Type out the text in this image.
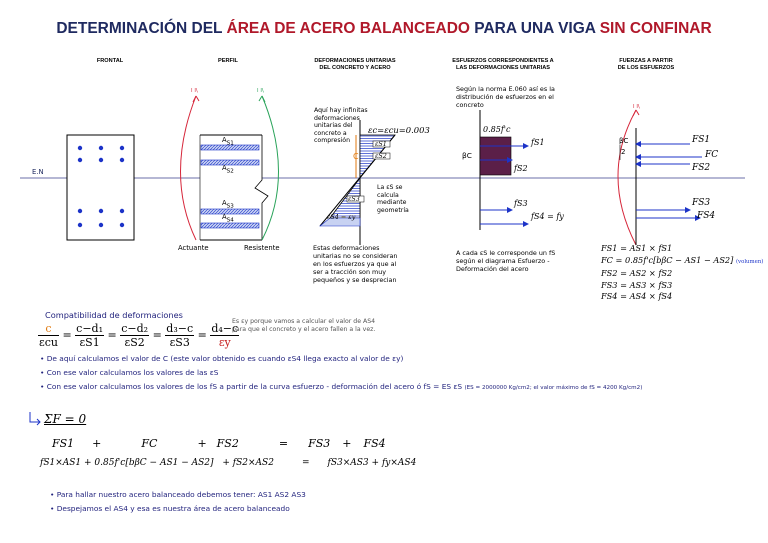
DETERMINACIÓN DEL ÁREA DE ACERO BALANCEADO PARA UNA VIGA SIN CONFINAR
FRONTAL	PERFIL	DEFORMACIONES UNITARIAS
DEL CONCRETO Y ACERO
ESFUERZOS CORRESPONDIENTES A
LAS DEFORMACIONES UNITARIAS
FUERZAS A PARTIR
DE LOS ESFUERZOS
E.N
$A_{S1}$
$A_{S2}$
$A_{S3}$
$A_{S4}$
Actuante	Resistente
l l\	l l\
Aquí hay infinitas
deformaciones
unitarias del
concreto a
compresión
εc=εcu=0.003
C
εS1
εS2
εS3
εS4 = εy
La εS se
calcula
mediante
geometría
Estas deformaciones
unitarias no se consideran
en los esfuerzos ya que al
ser a tracción son muy
pequeños y se desprecian
Según la norma E.060 así es la
distribución de esfuerzos en el
concreto
0.85f'c
βC
fS1
fS2
fS3
fS4 = fy
A cada εS le corresponde un fS
según el diagrama Esfuerzo -
Deformación del acero
l l\
βC
2
FS1
FC
FS2
FS3
FS4
FS1 = AS1 × fS1
FC = 0.85f'c[bβC − AS1 − AS2] (volumen)
FS2 = AS2 × fS2
FS3 = AS3 × fS3
FS4 = AS4 × fS4
Compatibilidad de deformaciones
$\frac{c}{\text{εcu}} = \frac{\text{c−d₁}}{\varepsilon S1} = \frac{\text{c−d₂}}{\varepsilon S2} = \frac{\text{d₃−c}}{\varepsilon S3} = \frac{\text{d₄−c}}{\varepsilon y}$
Es εy porque vamos a calcular el valor de AS4
para que el concreto y el acero fallen a la vez.
• De aquí calculamos el valor de C (este valor obtenido es cuando εS4 llega exacto al valor de εy)
• Con ese valor calculamos los valores de las εS
• Con ese valor calculamos los valores de los fS a partir de la curva esfuerzo - deformación del acero ó fS = ES εS (ES = 2000000 Kg/cm2; el valor máximo de fS = 4200 Kg/cm2)
ΣF = 0
FS1 +	FC	+ FS2	= FS3 + FS4
fS1×AS1 + 0.85f'c[bβC − AS1 − AS2] + fS2×AS2	= fS3×AS3 + fy×AS4
• Para hallar nuestro acero balanceado debemos tener: AS1 AS2 AS3
• Despejamos el AS4 y esa es nuestra área de acero balanceado
